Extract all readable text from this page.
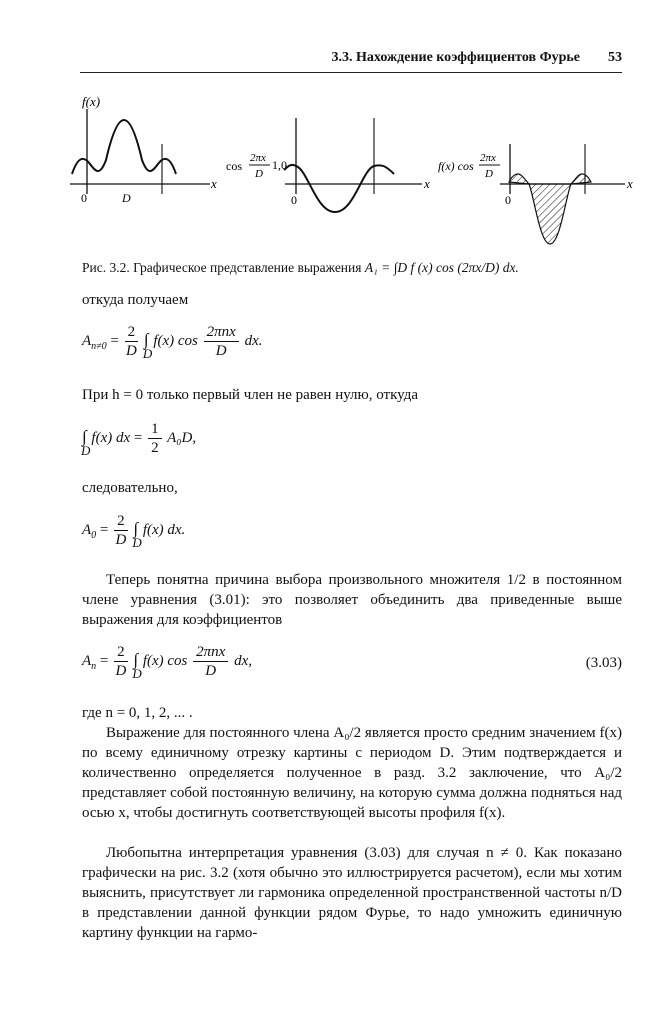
3.3. Нахождение коэффициентов Фурье 53
f(x)
x
0	D
cos
2πx
D
1,0
x
0
f(x) cos
2πx
D
x
0
Рис. 3.2. Графическое представление выражения A₁ = ∫D f (x) cos (2πx/D) dx.
откуда получаем
$A_{n\ne 0} = \frac{2}{D}$ ∫
D
f(x) $\cos \frac{\text{2πnx}}{D}$ dx.
При h = 0 только первый член не равен нулю, откуда
∫
D
f(x) dx = $\frac{1}{2} A_0D$,
следовательно,
$A_0 = \frac{2}{D}$ ∫
D
f(x) dx.
Теперь понятна причина выбора произвольного множителя 1/2 в постоянном члене уравнения (3.01): это позволяет объединить два приведенные выше выражения для коэффициентов
$A_n = \frac{2}{D}$ ∫
D
f(x) $\cos \frac{\text{2πnx}}{D}$ dx,	(3.03)
где n = 0, 1, 2, ... .
Выражение для постоянного члена A₀/2 является просто средним значением f(x) по всему единичному отрезку картины с периодом D. Этим подтверждается и количественно определяется полученное в разд. 3.2 заключение, что A₀/2 представляет собой постоянную величину, на которую сумма должна подняться над осью x, чтобы достигнуть соответствующей высоты профиля f(x).
Любопытна интерпретация уравнения (3.03) для случая n ≠ 0. Как показано графически на рис. 3.2 (хотя обычно это иллюстрируется расчетом), если мы хотим выяснить, присутствует ли гармоника определенной пространственной частоты n/D в представлении данной функции рядом Фурье, то надо умножить единичную картину функции на гармо-
